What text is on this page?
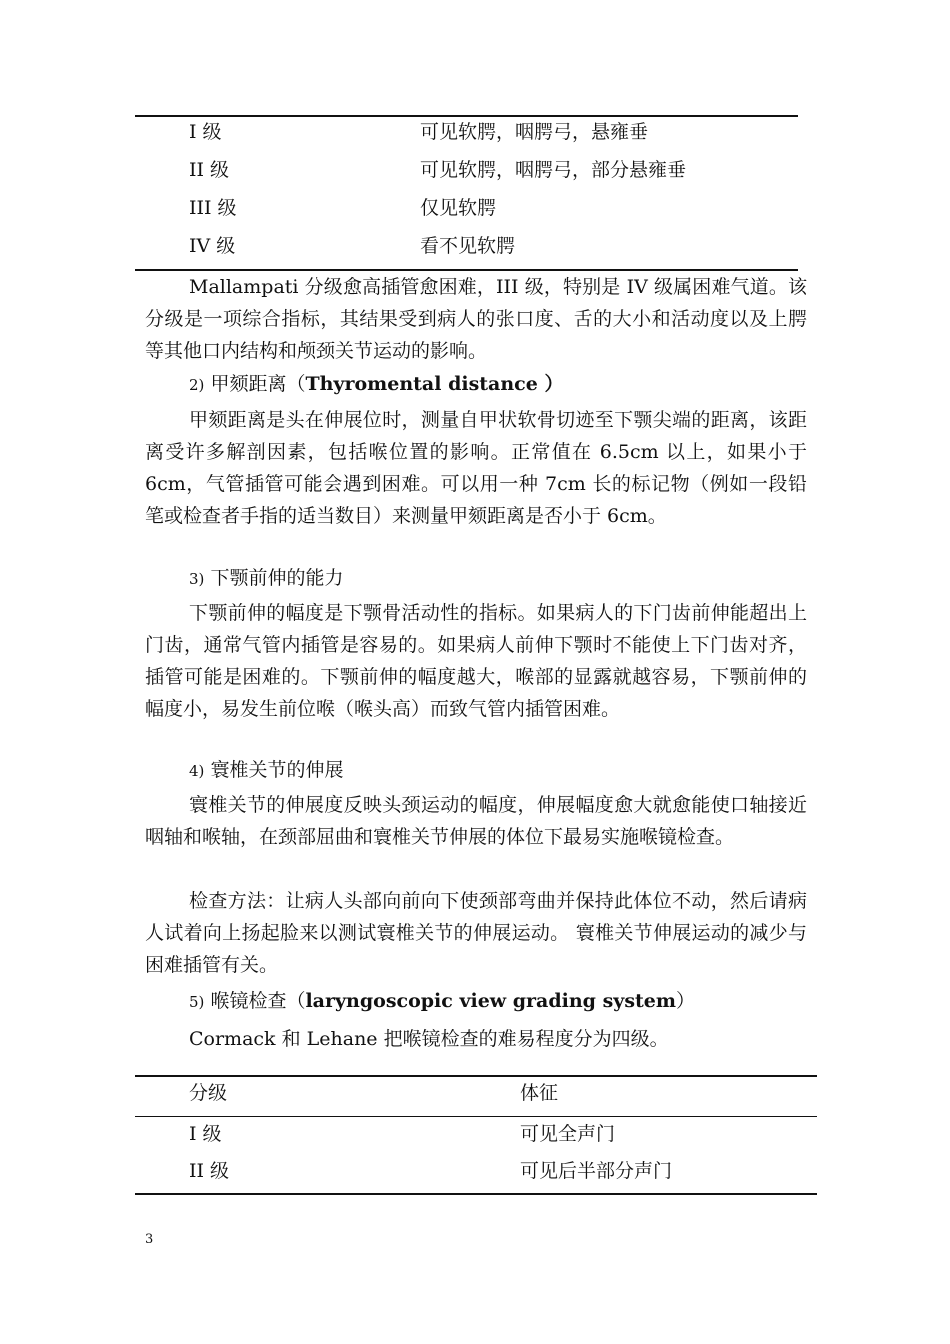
I 级	可见软腭，咽腭弓，悬雍垂
II 级	可见软腭，咽腭弓，部分悬雍垂
III 级	仅见软腭
IV 级	看不见软腭

Mallampati 分级愈高插管愈困难，III 级，特别是 IV 级属困难气道。该分级是一项综合指标，其结果受到病人的张口度、舌的大小和活动度以及上腭等其他口内结构和颅颈关节运动的影响。

2) 甲颏距离（Thyromental distance ）

甲颏距离是头在伸展位时，测量自甲状软骨切迹至下颚尖端的距离，该距离受许多解剖因素，包括喉位置的影响。正常值在 6.5cm 以上，如果小于 6cm，气管插管可能会遇到困难。可以用一种 7cm 长的标记物（例如一段铅笔或检查者手指的适当数目）来测量甲颏距离是否小于 6cm。

3) 下颚前伸的能力

下颚前伸的幅度是下颚骨活动性的指标。如果病人的下门齿前伸能超出上门齿，通常气管内插管是容易的。如果病人前伸下颚时不能使上下门齿对齐，插管可能是困难的。下颚前伸的幅度越大，喉部的显露就越容易，下颚前伸的幅度小，易发生前位喉（喉头高）而致气管内插管困难。

4) 寰椎关节的伸展

寰椎关节的伸展度反映头颈运动的幅度，伸展幅度愈大就愈能使口轴接近咽轴和喉轴，在颈部屈曲和寰椎关节伸展的体位下最易实施喉镜检查。

检查方法：让病人头部向前向下使颈部弯曲并保持此体位不动，然后请病人试着向上扬起脸来以测试寰椎关节的伸展运动。 寰椎关节伸展运动的减少与困难插管有关。

5) 喉镜检查（laryngoscopic view grading system）

Cormack 和 Lehane 把喉镜检查的难易程度分为四级。

分级	体征
I 级	可见全声门
II 级	可见后半部分声门
3
